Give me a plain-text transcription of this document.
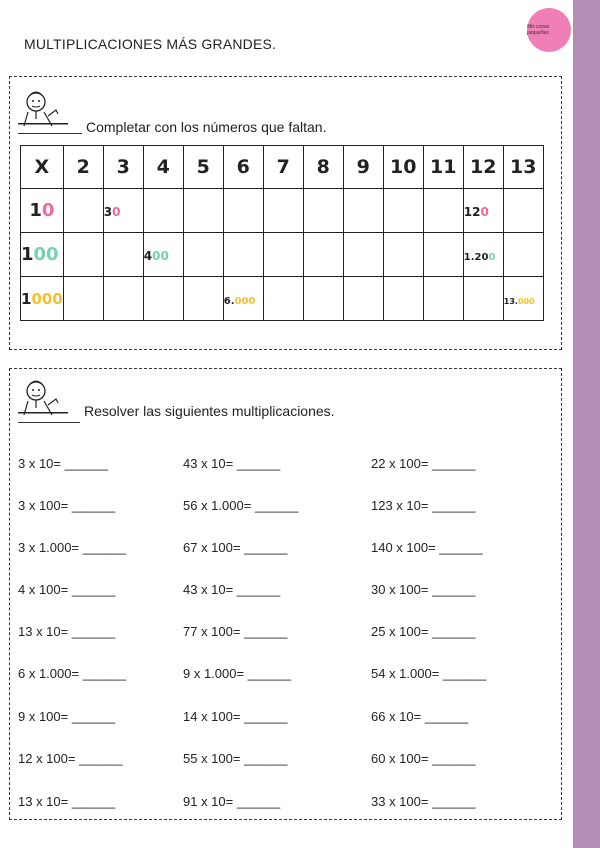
Mis cosas pequeñas
MULTIPLICACIONES MÁS GRANDES.
Completar con los números que faltan.
X	2	3	4	5	6	7	8	9	10	11	12	13
10		30									120	
100			400								1.200	
1000					6.000							13.000
Resolver las siguientes multiplicaciones.
3 x 10= ______
3 x 100= ______
3 x 1.000= ______
4 x 100= ______
13 x 10= ______
6 x 1.000= ______
9 x 100= ______
12 x 100= ______
13 x 10= ______
43 x 10= ______
56 x 1.000= ______
67 x 100= ______
43 x 10= ______
77 x 100= ______
9 x 1.000= ______
14 x 100= ______
55 x 100= ______
91 x 10= ______
22 x 100= ______
123 x 10= ______
140 x 100= ______
30 x 100= ______
25 x 100= ______
54 x 1.000= ______
66 x 10= ______
60 x 100= ______
33 x 100= ______
